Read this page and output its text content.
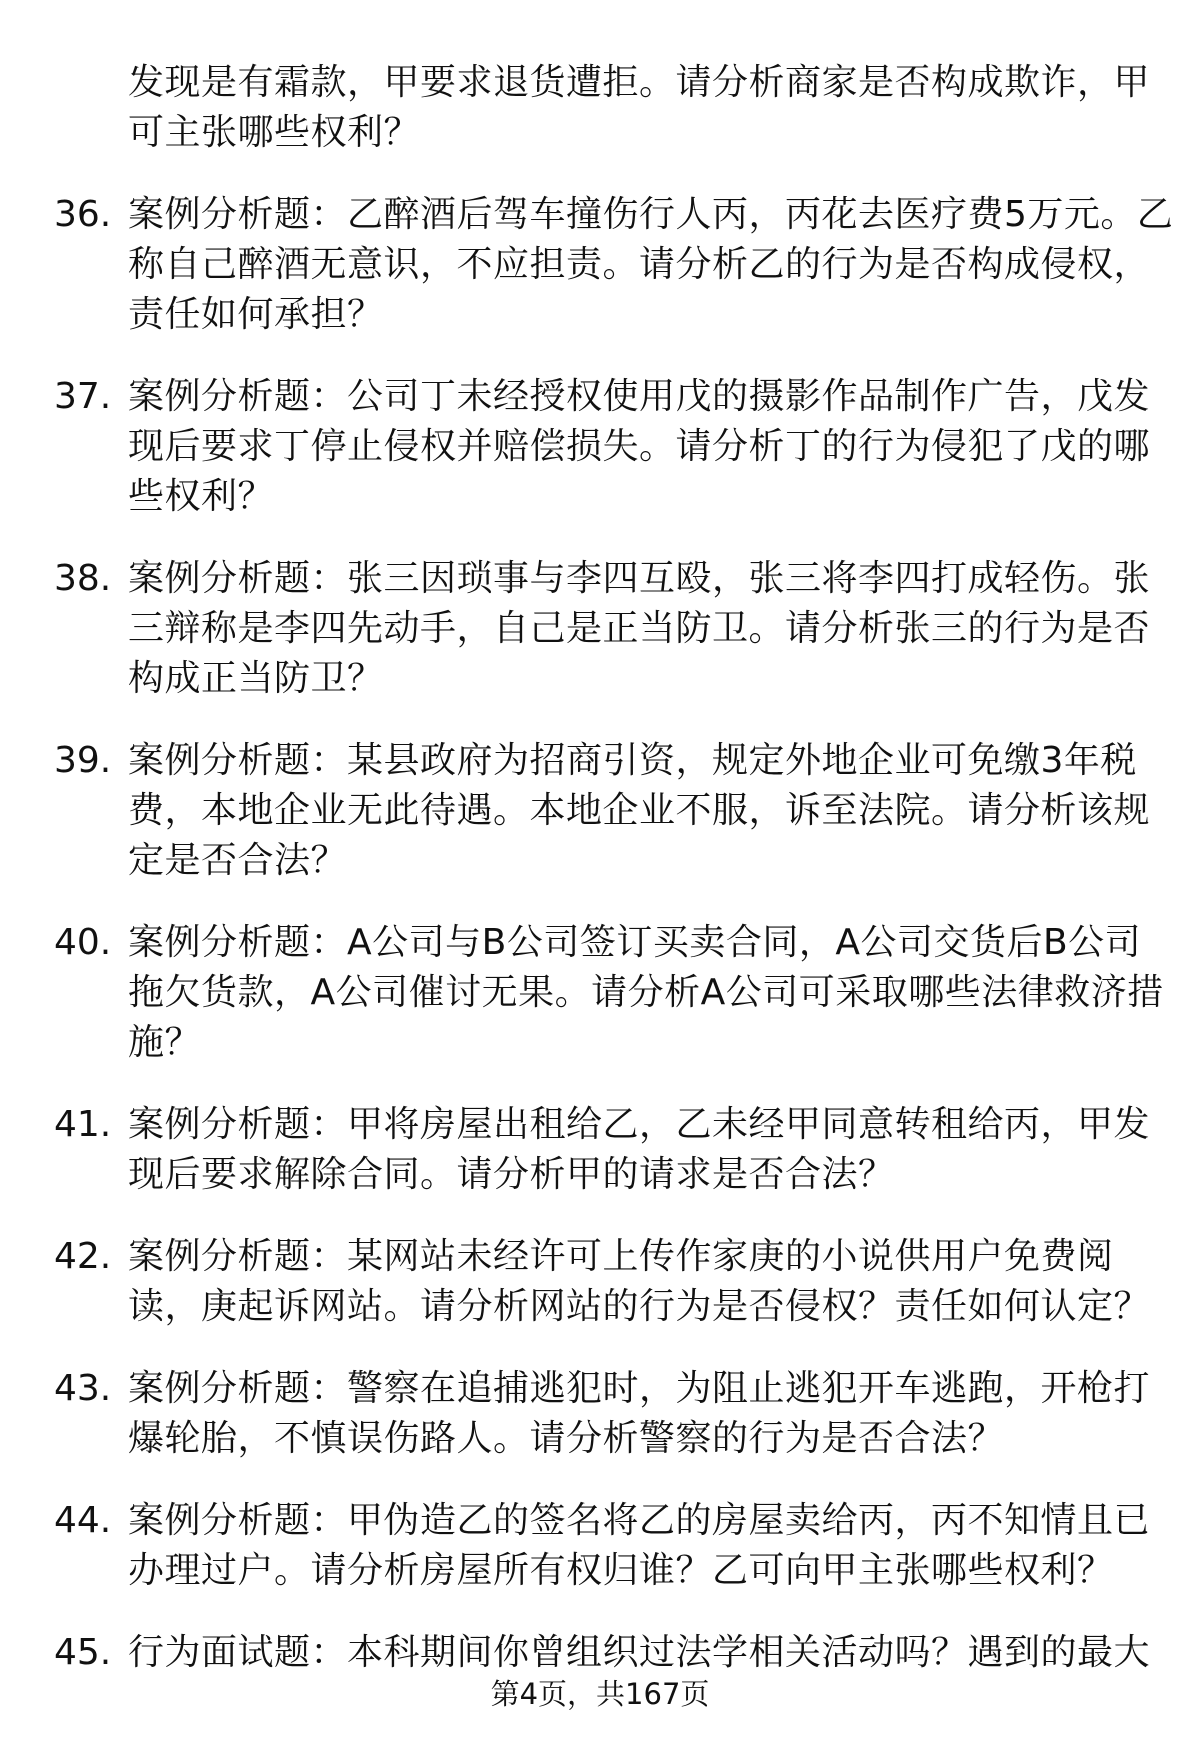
发现是有霜款，甲要求退货遭拒。请分析商家是否构成欺诈，甲
可主张哪些权利？
36. 案例分析题：乙醉酒后驾车撞伤行人丙，丙花去医疗费5万元。乙
称自己醉酒无意识，不应担责。请分析乙的行为是否构成侵权，
责任如何承担？
37. 案例分析题：公司丁未经授权使用戊的摄影作品制作广告，戊发
现后要求丁停止侵权并赔偿损失。请分析丁的行为侵犯了戊的哪
些权利？
38. 案例分析题：张三因琐事与李四互殴，张三将李四打成轻伤。张
三辩称是李四先动手，自己是正当防卫。请分析张三的行为是否
构成正当防卫？
39. 案例分析题：某县政府为招商引资，规定外地企业可免缴3年税
费，本地企业无此待遇。本地企业不服，诉至法院。请分析该规
定是否合法？
40. 案例分析题：A公司与B公司签订买卖合同，A公司交货后B公司
拖欠货款，A公司催讨无果。请分析A公司可采取哪些法律救济措
施？
41. 案例分析题：甲将房屋出租给乙，乙未经甲同意转租给丙，甲发
现后要求解除合同。请分析甲的请求是否合法？
42. 案例分析题：某网站未经许可上传作家庚的小说供用户免费阅
读，庚起诉网站。请分析网站的行为是否侵权？责任如何认定？
43. 案例分析题：警察在追捕逃犯时，为阻止逃犯开车逃跑，开枪打
爆轮胎，不慎误伤路人。请分析警察的行为是否合法？
44. 案例分析题：甲伪造乙的签名将乙的房屋卖给丙，丙不知情且已
办理过户。请分析房屋所有权归谁？乙可向甲主张哪些权利？
45. 行为面试题：本科期间你曾组织过法学相关活动吗？遇到的最大
第4页，共167页
